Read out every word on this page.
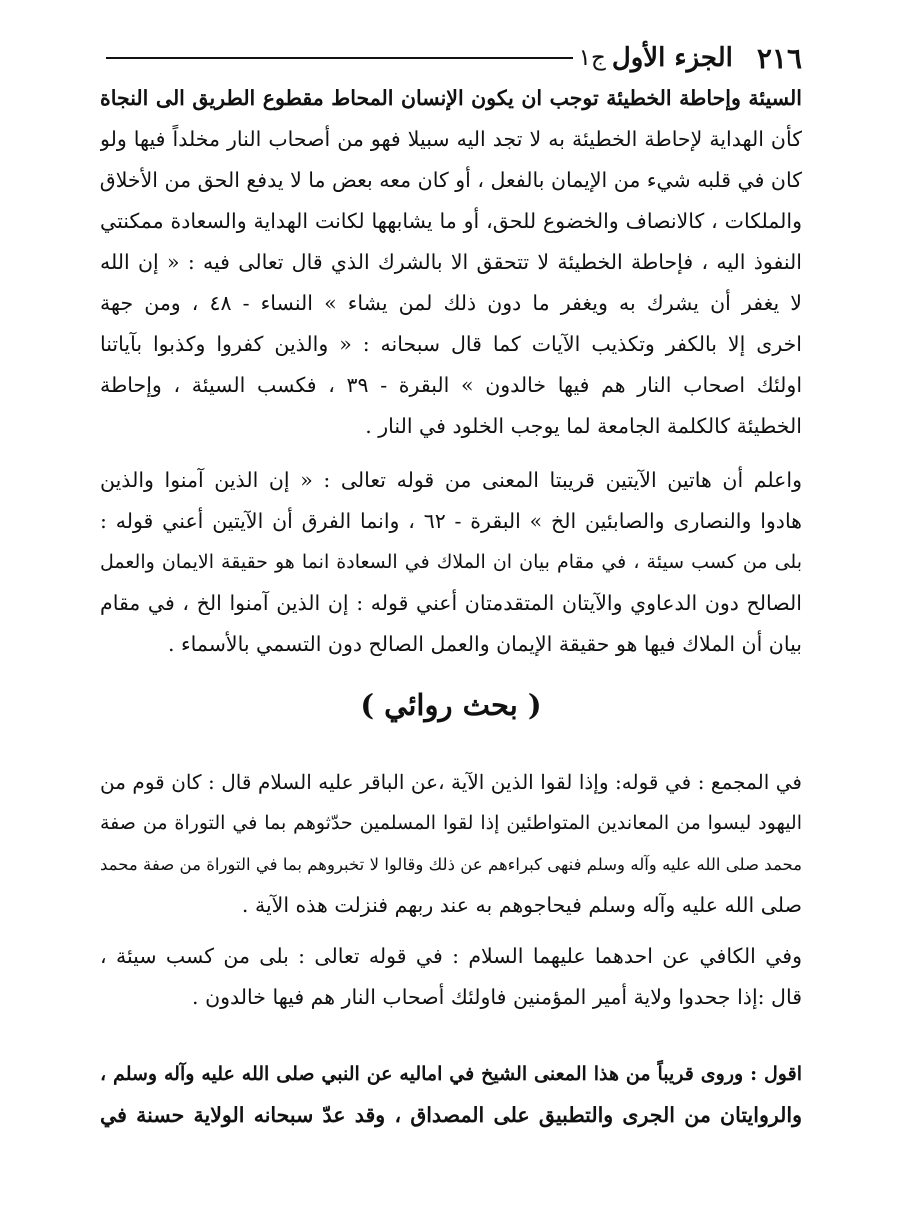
٢١٦
الجزء الأول
ج١
السيئة وإحاطة الخطيئة توجب ان يكون الإنسان المحاط مقطوع الطريق الى النجاة
كأن الهداية لإحاطة الخطيئة به لا تجد اليه سبيلا فهو من أصحاب النار مخلداً فيها ولو
كان في قلبه شيء من الإيمان بالفعل ، أو كان معه بعض ما لا يدفع الحق من الأخلاق
والملكات ، كالانصاف والخضوع للحق، أو ما يشابهها لكانت الهداية والسعادة ممكنتي
النفوذ اليه ، فإحاطة الخطيئة لا تتحقق الا بالشرك الذي قال تعالى فيه : « إن الله
لا يغفر أن يشرك به ويغفر ما دون ذلك لمن يشاء » النساء - ٤٨ ، ومن جهة
اخرى إلا بالكفر وتكذيب الآيات كما قال سبحانه : « والذين كفروا وكذبوا بآياتنا
اولئك اصحاب النار هم فيها خالدون » البقرة - ٣٩ ، فكسب السيئة ، وإحاطة
الخطيئة كالكلمة الجامعة لما يوجب الخلود في النار .
واعلم أن هاتين الآيتين قريبتا المعنى من قوله تعالى : « إن الذين آمنوا والذين
هادوا والنصارى والصابئين الخ » البقرة - ٦٢ ، وانما الفرق أن الآيتين أعني قوله :
بلى من كسب سيئة ، في مقام بيان ان الملاك في السعادة انما هو حقيقة الايمان والعمل
الصالح دون الدعاوي والآيتان المتقدمتان أعني قوله : إن الذين آمنوا الخ ، في مقام
بيان أن الملاك فيها هو حقيقة الإيمان والعمل الصالح دون التسمي بالأسماء .
( بحث روائي )
في المجمع : في قوله: وإذا لقوا الذين الآية ،عن الباقر عليه السلام قال : كان قوم من
اليهود ليسوا من المعاندين المتواطئين إذا لقوا المسلمين حدّثوهم بما في التوراة من صفة
محمد صلى الله عليه وآله وسلم فنهى كبراءهم عن ذلك وقالوا لا تخبروهم بما في التوراة من صفة محمد
صلى الله عليه وآله وسلم فيحاجوهم به عند ربهم فنزلت هذه الآية .
وفي الكافي عن احدهما عليهما السلام : في قوله تعالى : بلى من كسب سيئة ،
قال :إذا جحدوا ولاية أمير المؤمنين فاولئك أصحاب النار هم فيها خالدون .
اقول : وروى قريباً من هذا المعنى الشيخ في اماليه عن النبي صلى الله عليه وآله وسلم ،
والروايتان من الجرى والتطبيق على المصداق ، وقد عدّ سبحانه الولاية حسنة في
